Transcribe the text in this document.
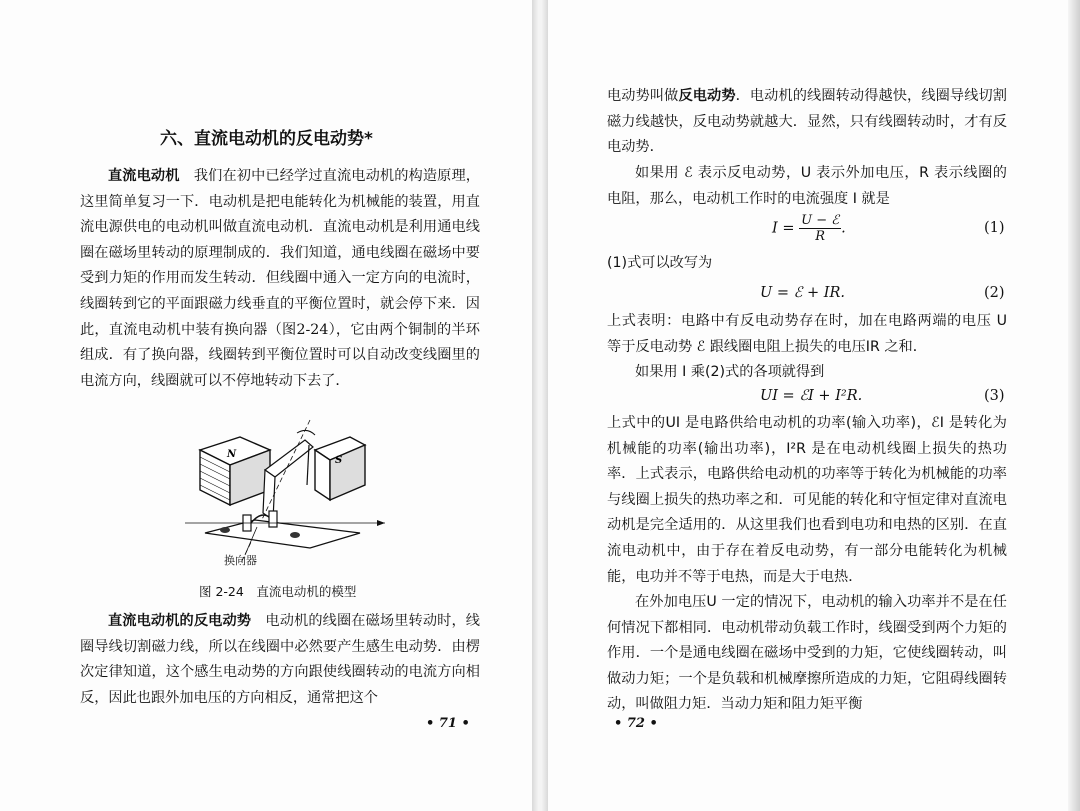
六、直流电动机的反电动势*

直流电动机　我们在初中已经学过直流电动机的构造原理，这里简单复习一下．电动机是把电能转化为机械能的装置，用直流电源供电的电动机叫做直流电动机．直流电动机是利用通电线圈在磁场里转动的原理制成的．我们知道，通电线圈在磁场中要受到力矩的作用而发生转动．但线圈中通入一定方向的电流时，线圈转到它的平面跟磁力线垂直的平衡位置时，就会停下来．因此，直流电动机中装有换向器（图2-24），它由两个铜制的半环组成．有了换向器，线圈转到平衡位置时可以自动改变线圈里的电流方向，线圈就可以不停地转动下去了．

N
S
换向器
图 2-24　直流电动机的模型

直流电动机的反电动势　电动机的线圈在磁场里转动时，线圈导线切割磁力线，所以在线圈中必然要产生感生电动势．由楞次定律知道，这个感生电动势的方向跟使线圈转动的电流方向相反，因此也跟外加电压的方向相反，通常把这个

• 71 •

电动势叫做反电动势．电动机的线圈转动得越快，线圈导线切割磁力线越快，反电动势就越大．显然，只有线圈转动时，才有反电动势．

如果用 ℰ 表示反电动势，U 表示外加电压，R 表示线圈的电阻，那么，电动机工作时的电流强度 I 就是

$I = \frac{\text{U − ℰ}}{R}$ .	(1)

(1)式可以改写为

U = ℰ + IR.	(2)

上式表明：电路中有反电动势存在时，加在电路两端的电压 U 等于反电动势 ℰ 跟线圈电阻上损失的电压IR 之和．

如果用 I 乘(2)式的各项就得到

UI = ℰI + I²R.	(3)

上式中的UI 是电路供给电动机的功率(输入功率)，ℰI 是转化为机械能的功率(输出功率)，I²R 是在电动机线圈上损失的热功率．上式表示，电路供给电动机的功率等于转化为机械能的功率与线圈上损失的热功率之和．可见能的转化和守恒定律对直流电动机是完全适用的．从这里我们也看到电功和电热的区别．在直流电动机中，由于存在着反电动势，有一部分电能转化为机械能，电功并不等于电热，而是大于电热．

在外加电压U 一定的情况下，电动机的输入功率并不是在任何情况下都相同．电动机带动负载工作时，线圈受到两个力矩的作用．一个是通电线圈在磁场中受到的力矩，它使线圈转动，叫做动力矩；一个是负载和机械摩擦所造成的力矩，它阻碍线圈转动，叫做阻力矩．当动力矩和阻力矩平衡

• 72 •
